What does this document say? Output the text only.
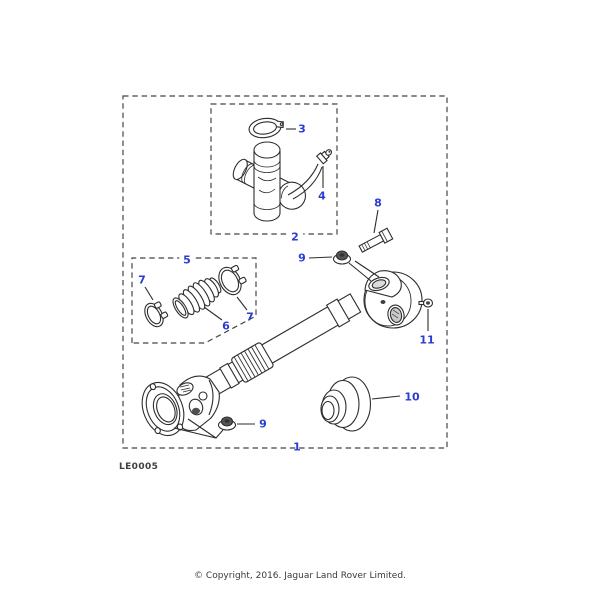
1
2
3
4
5
6
7
7
8
9
9
10
11
LE0005
© Copyright, 2016. Jaguar Land Rover Limited.
